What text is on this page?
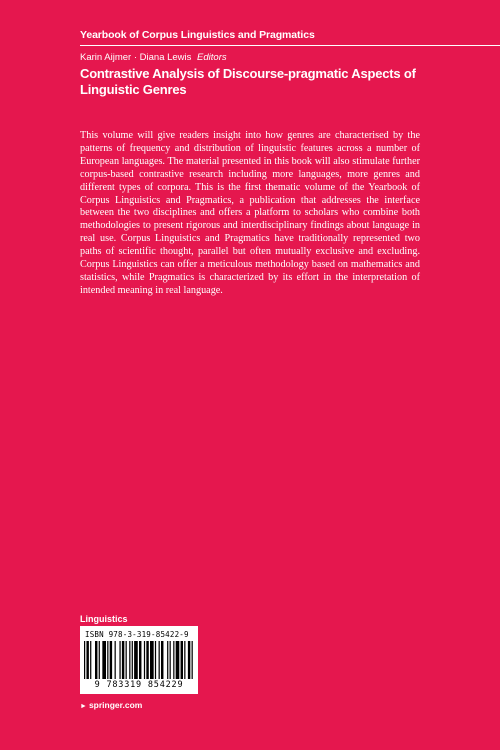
Yearbook of Corpus Linguistics and Pragmatics
Karin Aijmer · Diana Lewis Editors
Contrastive Analysis of Discourse-pragmatic Aspects of Linguistic Genres
This volume will give readers insight into how genres are characterised by the patterns of frequency and distribution of linguistic features across a number of European languages. The material presented in this book will also stimulate further corpus-based contrastive research including more languages, more genres and different types of corpora. This is the first thematic volume of the Yearbook of Corpus Linguistics and Pragmatics, a publication that addresses the interface between the two disciplines and offers a platform to scholars who combine both methodologies to present rigorous and interdisciplinary findings about language in real use. Corpus Linguistics and Pragmatics have traditionally represented two paths of scientific thought, parallel but often mutually exclusive and excluding. Corpus Linguistics can offer a meticulous methodology based on mathematics and statistics, while Pragmatics is characterized by its effort in the interpretation of intended meaning in real language.
Linguistics
ISBN 978-3-319-85422-9
9 783319 854229
► springer.com
